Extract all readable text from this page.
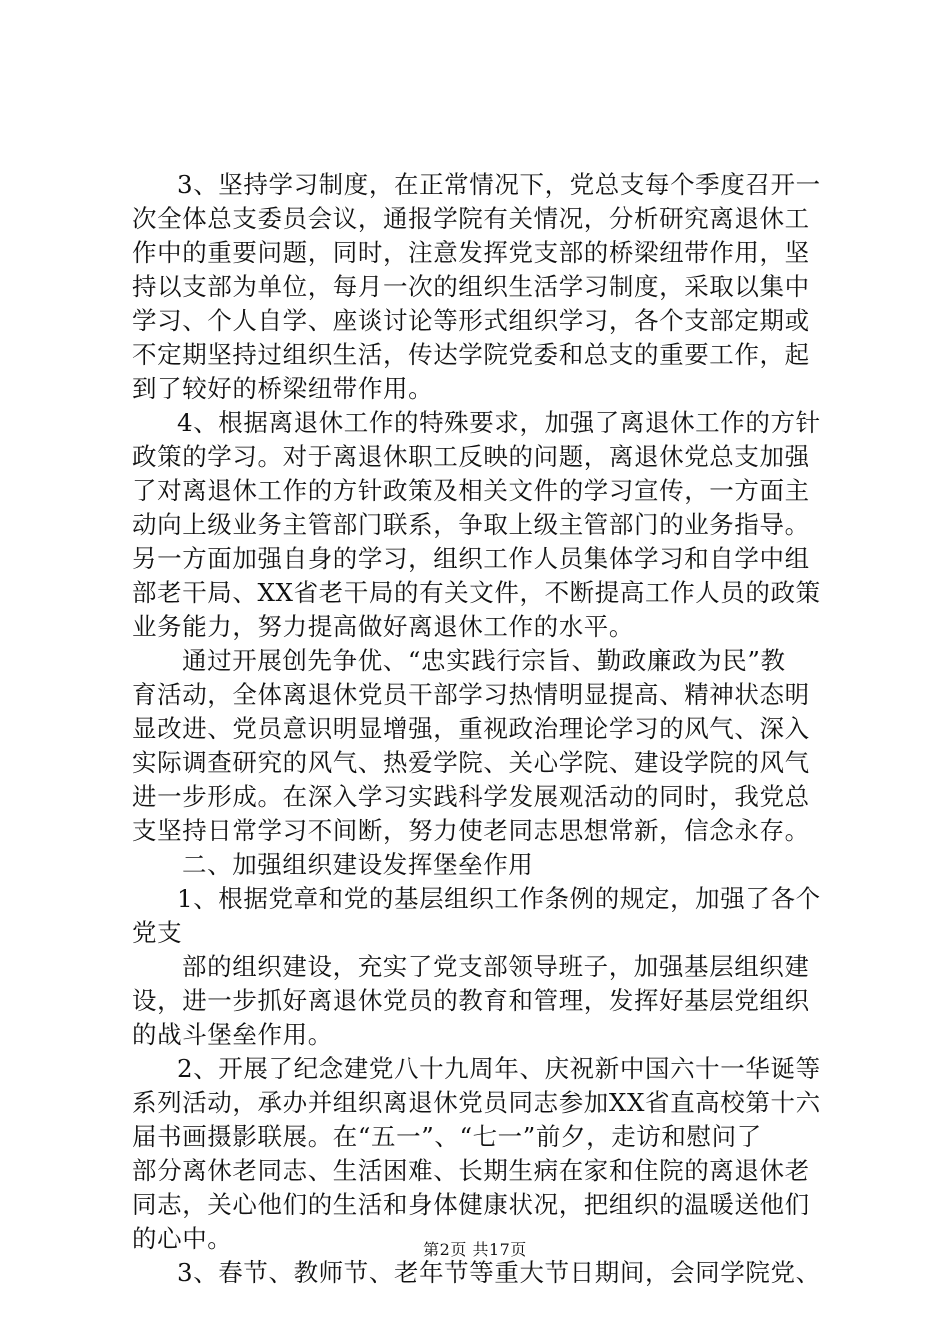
3、坚持学习制度，在正常情况下，党总支每个季度召开一
次全体总支委员会议，通报学院有关情况，分析研究离退休工
作中的重要问题，同时，注意发挥党支部的桥梁纽带作用，坚
持以支部为单位，每月一次的组织生活学习制度，采取以集中
学习、个人自学、座谈讨论等形式组织学习，各个支部定期或
不定期坚持过组织生活，传达学院党委和总支的重要工作，起
到了较好的桥梁纽带作用。
4、根据离退休工作的特殊要求，加强了离退休工作的方针
政策的学习。对于离退休职工反映的问题，离退休党总支加强
了对离退休工作的方针政策及相关文件的学习宣传，一方面主
动向上级业务主管部门联系，争取上级主管部门的业务指导。
另一方面加强自身的学习，组织工作人员集体学习和自学中组
部老干局、XX省老干局的有关文件，不断提高工作人员的政策
业务能力，努力提高做好离退休工作的水平。
通过开展创先争优、“忠实践行宗旨、勤政廉政为民”教
育活动，全体离退休党员干部学习热情明显提高、精神状态明
显改进、党员意识明显增强，重视政治理论学习的风气、深入
实际调查研究的风气、热爱学院、关心学院、建设学院的风气
进一步形成。在深入学习实践科学发展观活动的同时，我党总
支坚持日常学习不间断，努力使老同志思想常新，信念永存。
二、加强组织建设发挥堡垒作用
1、根据党章和党的基层组织工作条例的规定，加强了各个
党支
部的组织建设，充实了党支部领导班子，加强基层组织建
设，进一步抓好离退休党员的教育和管理，发挥好基层党组织
的战斗堡垒作用。
2、开展了纪念建党八十九周年、庆祝新中国六十一华诞等
系列活动，承办并组织离退休党员同志参加XX省直高校第十六
届书画摄影联展。在“五一”、“七一”前夕，走访和慰问了
部分离休老同志、生活困难、长期生病在家和住院的离退休老
同志，关心他们的生活和身体健康状况，把组织的温暖送他们
的心中。
3、春节、教师节、老年节等重大节日期间，会同学院党、
第2页 共17页
